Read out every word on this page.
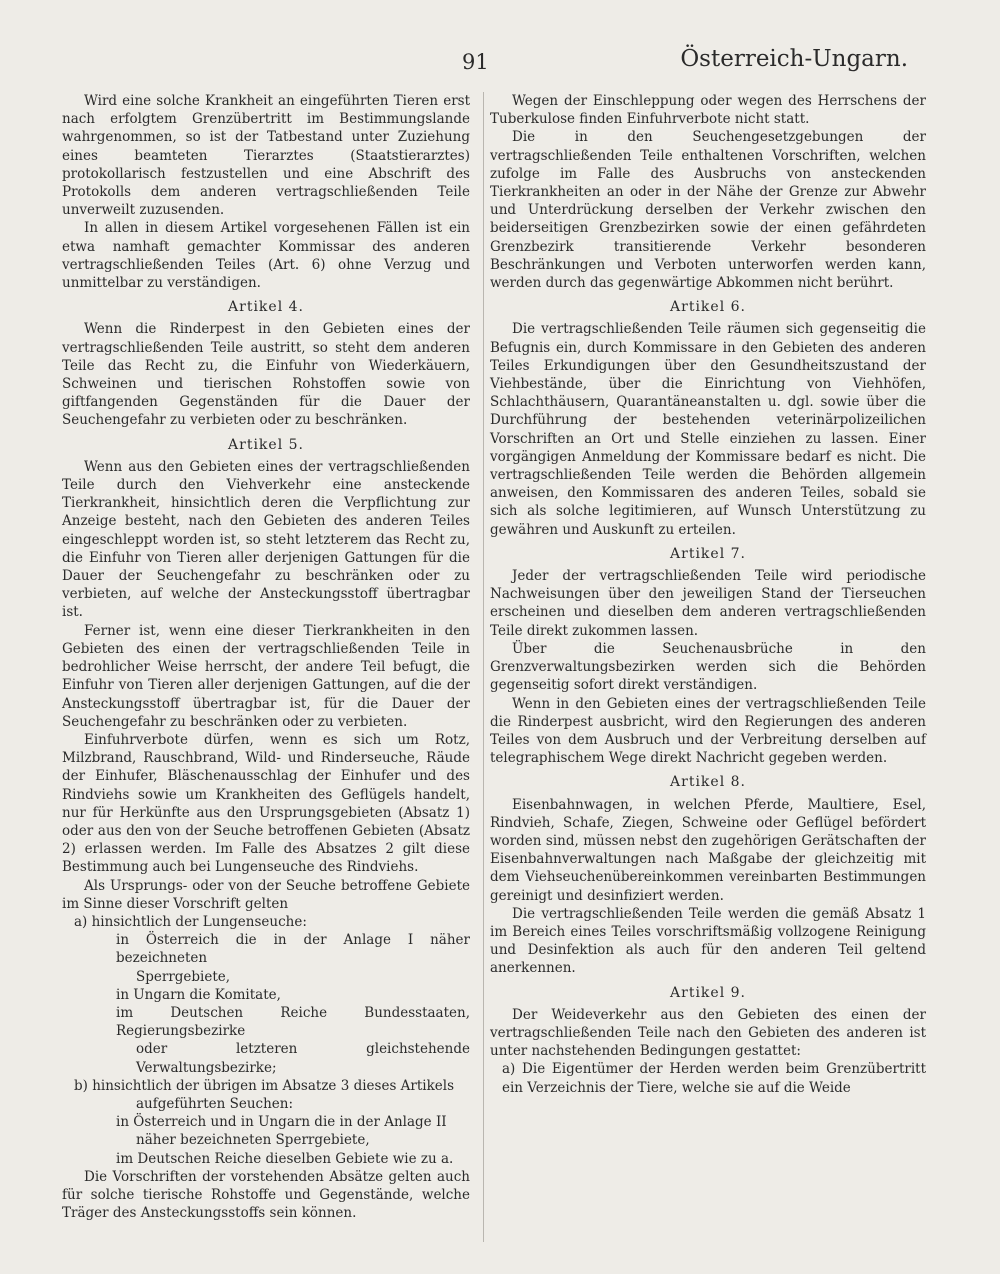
91	Österreich-Ungarn.

Wird eine solche Krankheit an eingeführten Tieren erst nach erfolgtem Grenzübertritt im Bestimmungslande wahrgenommen, so ist der Tatbestand unter Zuziehung eines beamteten Tierarztes (Staatstierarztes) protokollarisch festzustellen und eine Abschrift des Protokolls dem anderen vertragschließenden Teile unverweilt zuzusenden.

In allen in diesem Artikel vorgesehenen Fällen ist ein etwa namhaft gemachter Kommissar des anderen vertragschließenden Teiles (Art. 6) ohne Verzug und unmittelbar zu verständigen.

Artikel 4.

Wenn die Rinderpest in den Gebieten eines der vertragschließenden Teile austritt, so steht dem anderen Teile das Recht zu, die Einfuhr von Wiederkäuern, Schweinen und tierischen Rohstoffen sowie von giftfangenden Gegenständen für die Dauer der Seuchengefahr zu verbieten oder zu beschränken.

Artikel 5.

Wenn aus den Gebieten eines der vertragschließenden Teile durch den Viehverkehr eine ansteckende Tierkrankheit, hinsichtlich deren die Verpflichtung zur Anzeige besteht, nach den Gebieten des anderen Teiles eingeschleppt worden ist, so steht letzterem das Recht zu, die Einfuhr von Tieren aller derjenigen Gattungen für die Dauer der Seuchengefahr zu beschränken oder zu verbieten, auf welche der Ansteckungsstoff übertragbar ist.

Ferner ist, wenn eine dieser Tierkrankheiten in den Gebieten des einen der vertragschließenden Teile in bedrohlicher Weise herrscht, der andere Teil befugt, die Einfuhr von Tieren aller derjenigen Gattungen, auf die der Ansteckungsstoff übertragbar ist, für die Dauer der Seuchengefahr zu beschränken oder zu verbieten.

Einfuhrverbote dürfen, wenn es sich um Rotz, Milzbrand, Rauschbrand, Wild- und Rinderseuche, Räude der Einhufer, Bläschenausschlag der Einhufer und des Rindviehs sowie um Krankheiten des Geflügels handelt, nur für Herkünfte aus den Ursprungsgebieten (Absatz 1) oder aus den von der Seuche betroffenen Gebieten (Absatz 2) erlassen werden. Im Falle des Absatzes 2 gilt diese Bestimmung auch bei Lungenseuche des Rindviehs.

Als Ursprungs- oder von der Seuche betroffene Gebiete im Sinne dieser Vorschrift gelten

a) hinsichtlich der Lungenseuche:

in Österreich die in der Anlage I näher bezeichneten

Sperrgebiete,

in Ungarn die Komitate,

im Deutschen Reiche Bundesstaaten, Regierungsbezirke

oder letzteren gleichstehende Verwaltungsbezirke;

b) hinsichtlich der übrigen im Absatze 3 dieses Artikels

aufgeführten Seuchen:

in Österreich und in Ungarn die in der Anlage II

näher bezeichneten Sperrgebiete,

im Deutschen Reiche dieselben Gebiete wie zu a.

Die Vorschriften der vorstehenden Absätze gelten auch für solche tierische Rohstoffe und Gegenstände, welche Träger des Ansteckungsstoffs sein können.

Wegen der Einschleppung oder wegen des Herrschens der Tuberkulose finden Einfuhrverbote nicht statt.

Die in den Seuchengesetzgebungen der vertragschließenden Teile enthaltenen Vorschriften, welchen zufolge im Falle des Ausbruchs von ansteckenden Tierkrankheiten an oder in der Nähe der Grenze zur Abwehr und Unterdrückung derselben der Verkehr zwischen den beiderseitigen Grenzbezirken sowie der einen gefährdeten Grenzbezirk transitierende Verkehr besonderen Beschränkungen und Verboten unterworfen werden kann, werden durch das gegenwärtige Abkommen nicht berührt.

Artikel 6.

Die vertragschließenden Teile räumen sich gegenseitig die Befugnis ein, durch Kommissare in den Gebieten des anderen Teiles Erkundigungen über den Gesundheitszustand der Viehbestände, über die Einrichtung von Viehhöfen, Schlachthäusern, Quarantäneanstalten u. dgl. sowie über die Durchführung der bestehenden veterinärpolizeilichen Vorschriften an Ort und Stelle einziehen zu lassen. Einer vorgängigen Anmeldung der Kommissare bedarf es nicht. Die vertragschließenden Teile werden die Behörden allgemein anweisen, den Kommissaren des anderen Teiles, sobald sie sich als solche legitimieren, auf Wunsch Unterstützung zu gewähren und Auskunft zu erteilen.

Artikel 7.

Jeder der vertragschließenden Teile wird periodische Nachweisungen über den jeweiligen Stand der Tierseuchen erscheinen und dieselben dem anderen vertragschließenden Teile direkt zukommen lassen.

Über die Seuchenausbrüche in den Grenzverwaltungsbezirken werden sich die Behörden gegenseitig sofort direkt verständigen.

Wenn in den Gebieten eines der vertragschließenden Teile die Rinderpest ausbricht, wird den Regierungen des anderen Teiles von dem Ausbruch und der Verbreitung derselben auf telegraphischem Wege direkt Nachricht gegeben werden.

Artikel 8.

Eisenbahnwagen, in welchen Pferde, Maultiere, Esel, Rindvieh, Schafe, Ziegen, Schweine oder Geflügel befördert worden sind, müssen nebst den zugehörigen Gerätschaften der Eisenbahnverwaltungen nach Maßgabe der gleichzeitig mit dem Viehseuchenübereinkommen vereinbarten Bestimmungen gereinigt und desinfiziert werden.

Die vertragschließenden Teile werden die gemäß Absatz 1 im Bereich eines Teiles vorschriftsmäßig vollzogene Reinigung und Desinfektion als auch für den anderen Teil geltend anerkennen.

Artikel 9.

Der Weideverkehr aus den Gebieten des einen der vertragschließenden Teile nach den Gebieten des anderen ist unter nachstehenden Bedingungen gestattet:

a) Die Eigentümer der Herden werden beim Grenzübertritt ein Verzeichnis der Tiere, welche sie auf die Weide
